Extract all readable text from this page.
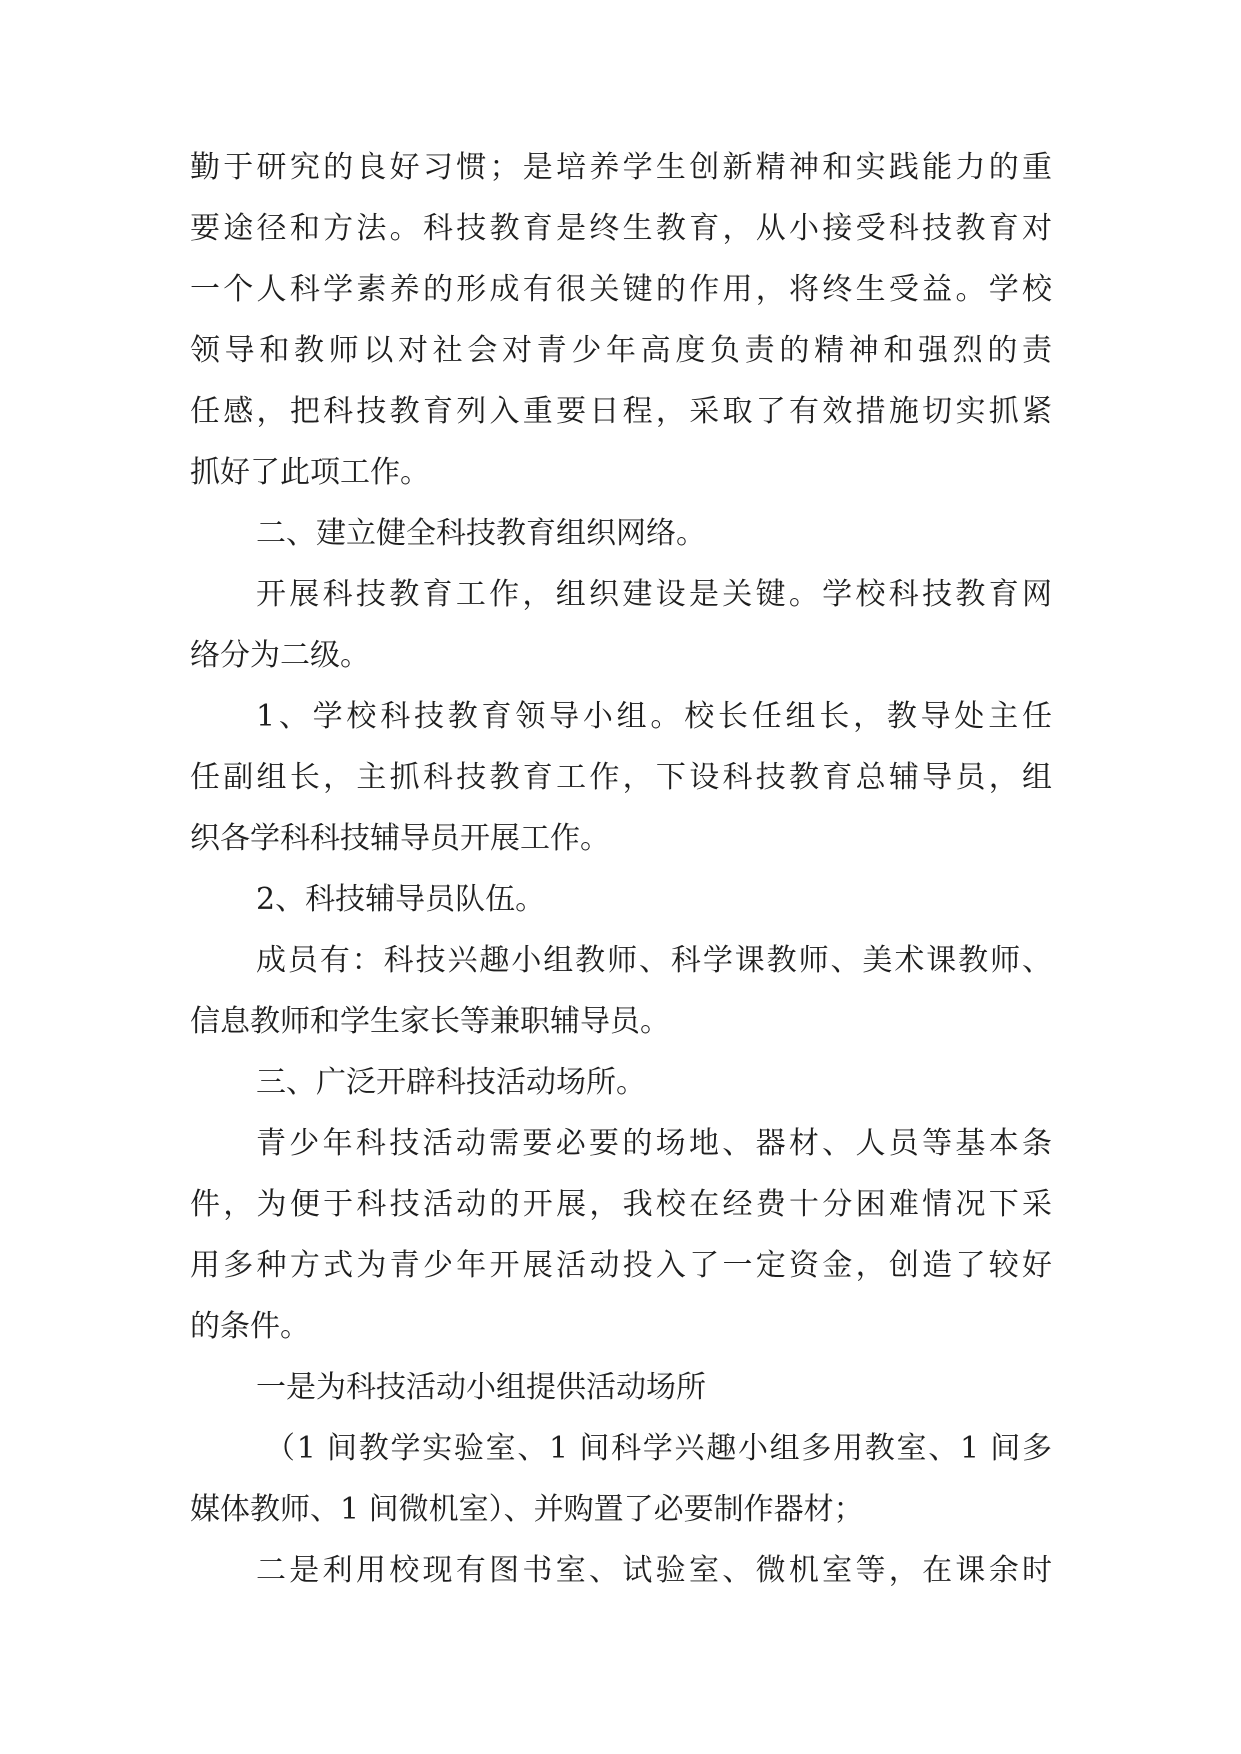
勤于研究的良好习惯；是培养学生创新精神和实践能力的重
要途径和方法。科技教育是终生教育，从小接受科技教育对
一个人科学素养的形成有很关键的作用，将终生受益。学校
领导和教师以对社会对青少年高度负责的精神和强烈的责
任感，把科技教育列入重要日程，采取了有效措施切实抓紧
抓好了此项工作。
二、建立健全科技教育组织网络。
开展科技教育工作，组织建设是关键。学校科技教育网
络分为二级。
1、学校科技教育领导小组。校长任组长，教导处主任
任副组长，主抓科技教育工作，下设科技教育总辅导员，组
织各学科科技辅导员开展工作。
2、科技辅导员队伍。
成员有：科技兴趣小组教师、科学课教师、美术课教师、
信息教师和学生家长等兼职辅导员。
三、广泛开辟科技活动场所。
青少年科技活动需要必要的场地、器材、人员等基本条
件，为便于科技活动的开展，我校在经费十分困难情况下采
用多种方式为青少年开展活动投入了一定资金，创造了较好
的条件。
一是为科技活动小组提供活动场所
（1 间教学实验室、1 间科学兴趣小组多用教室、1 间多
媒体教师、1 间微机室）、并购置了必要制作器材；
二是利用校现有图书室、试验室、微机室等，在课余时
